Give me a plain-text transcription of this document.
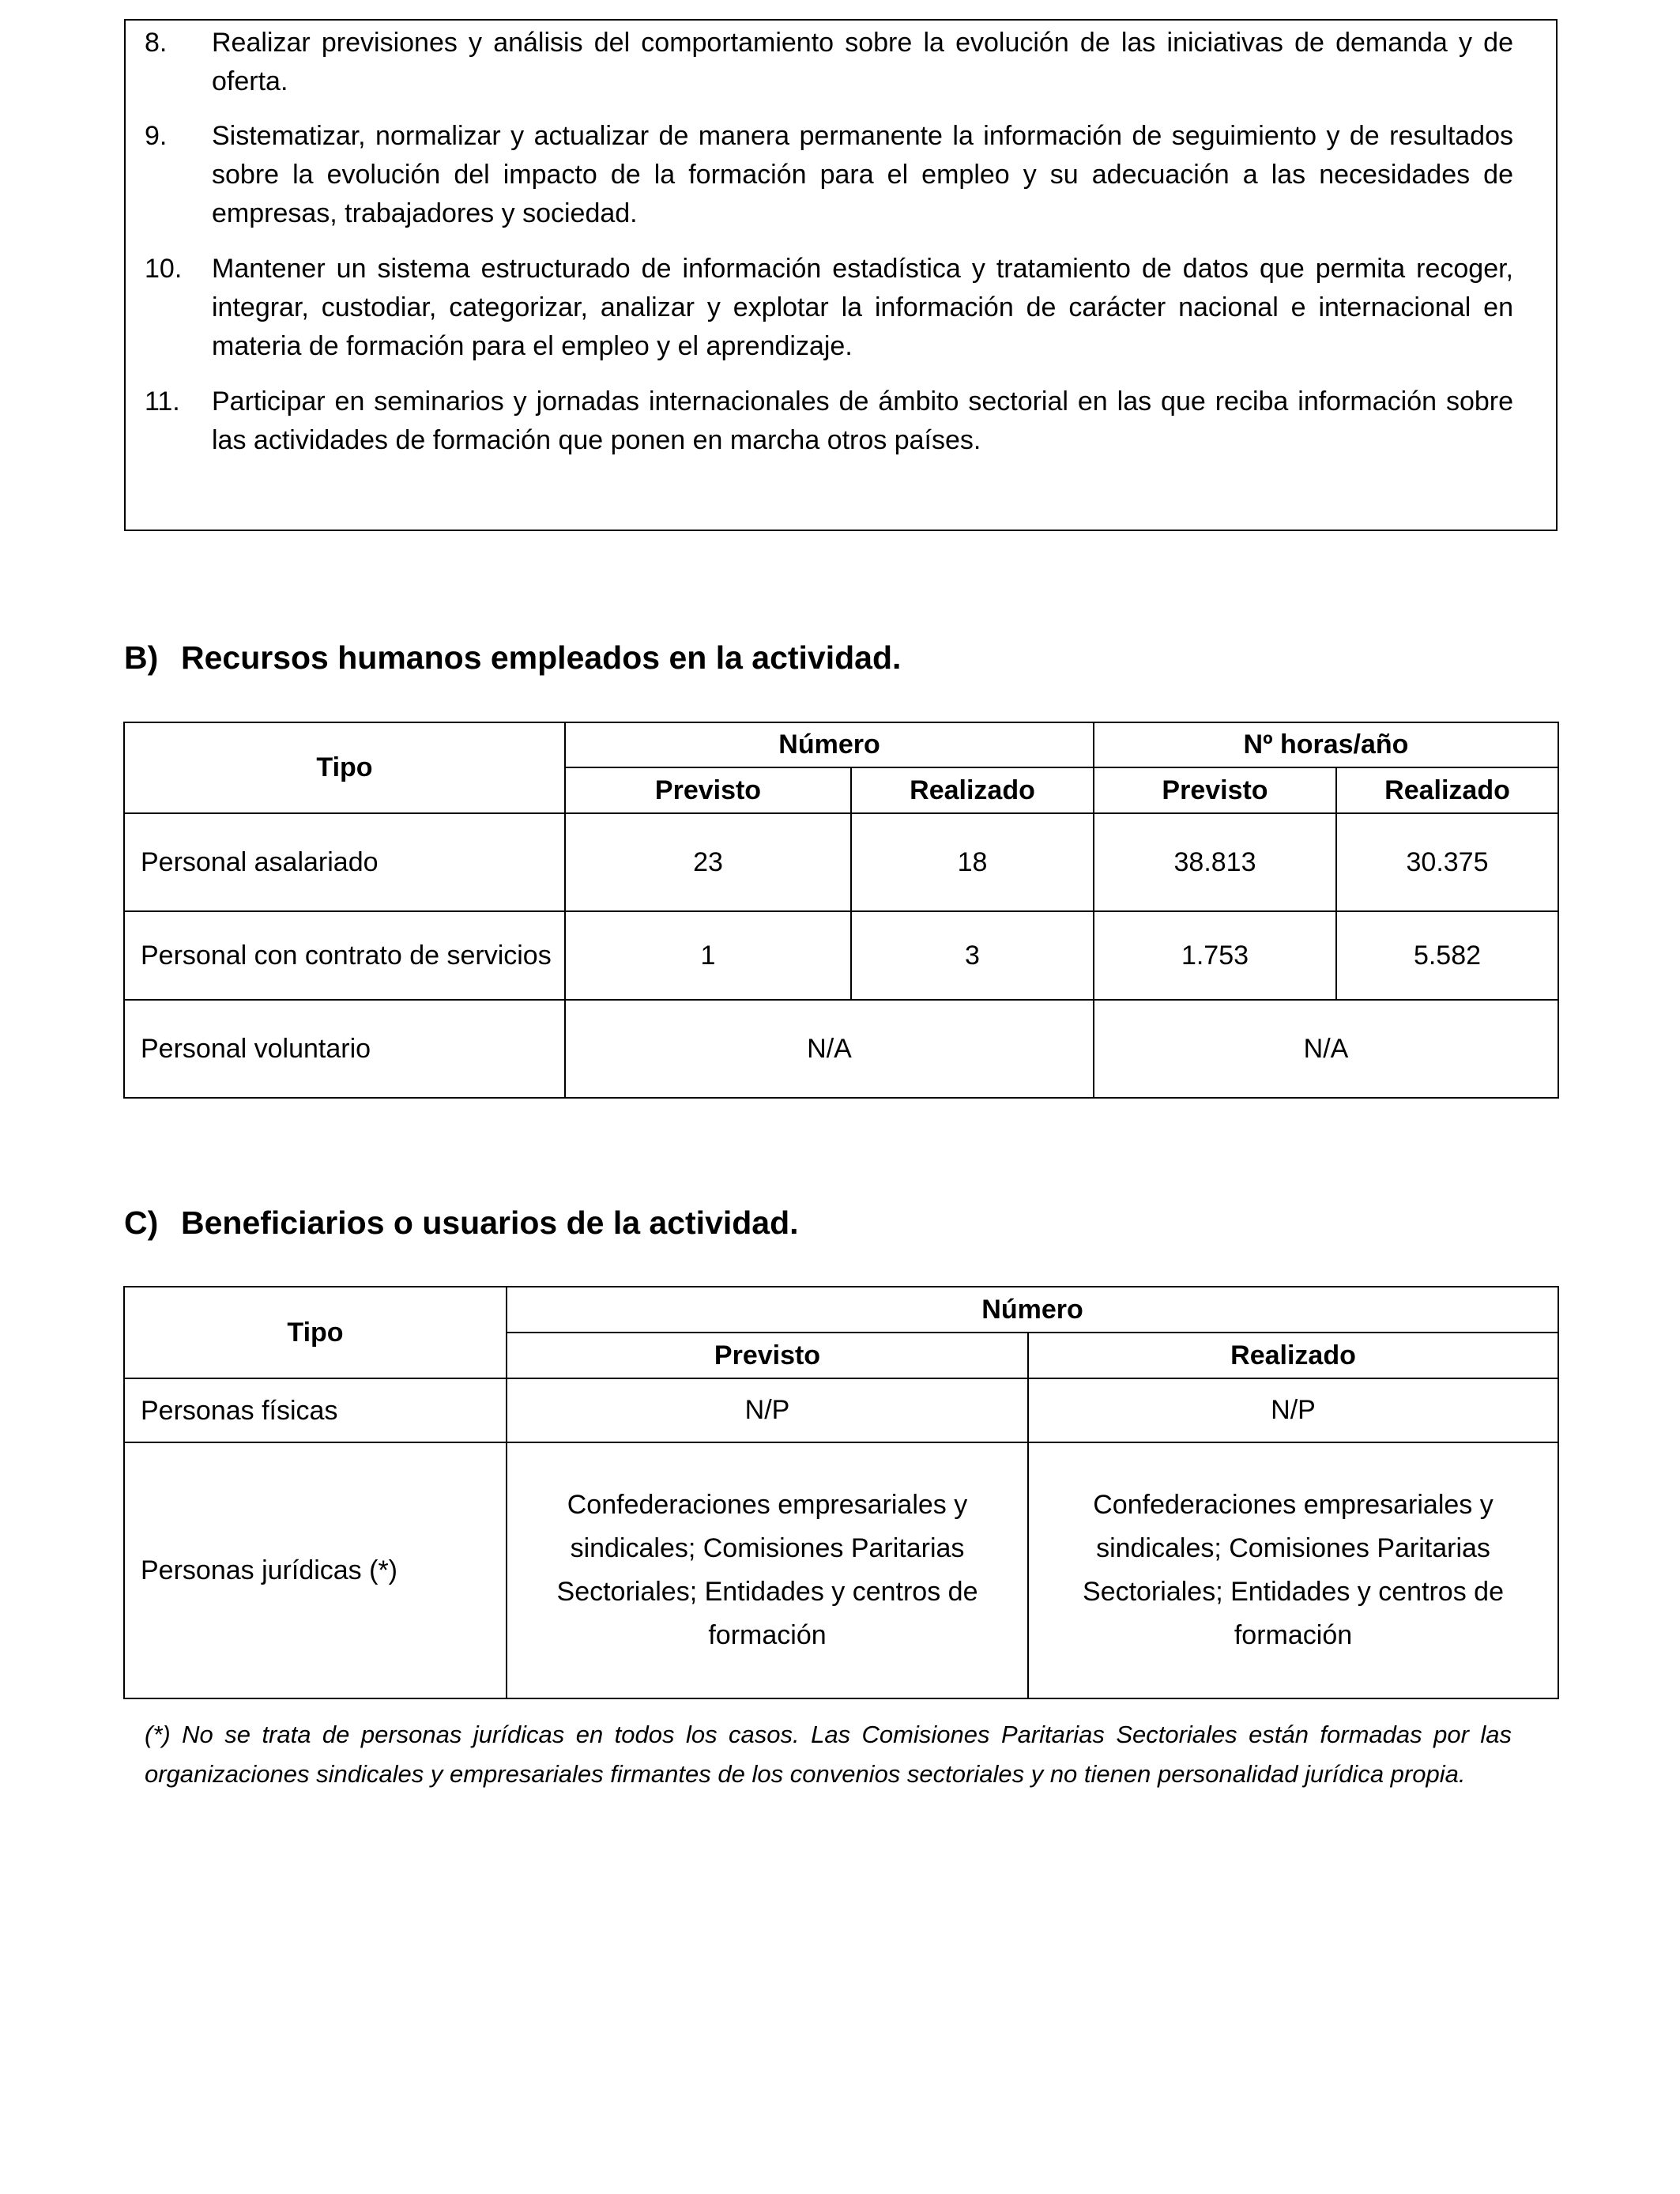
8. Realizar previsiones y análisis del comportamiento sobre la evolución de las iniciativas de demanda y de oferta.
9. Sistematizar, normalizar y actualizar de manera permanente la información de seguimiento y de resultados sobre la evolución del impacto de la formación para el empleo y su adecuación a las necesidades de empresas, trabajadores y sociedad.
10. Mantener un sistema estructurado de información estadística y tratamiento de datos que permita recoger, integrar, custodiar, categorizar, analizar y explotar la información de carácter nacional e internacional en materia de formación para el empleo y el aprendizaje.
11. Participar en seminarios y jornadas internacionales de ámbito sectorial en las que reciba información sobre las actividades de formación que ponen en marcha otros países.
B) Recursos humanos empleados en la actividad.
Tipo	Número		Nº horas/año	
	Previsto	Realizado	Previsto	Realizado
Personal asalariado	23	18	38.813	30.375
Personal con contrato de servicios	1	3	1.753	5.582
Personal voluntario	N/A		N/A	
C) Beneficiarios o usuarios de la actividad.
Tipo	Número	
	Previsto	Realizado
Personas físicas	N/P	N/P
Personas jurídicas (*)	Confederaciones empresariales y sindicales; Comisiones Paritarias Sectoriales; Entidades y centros de formación	Confederaciones empresariales y sindicales; Comisiones Paritarias Sectoriales; Entidades y centros de formación
(*) No se trata de personas jurídicas en todos los casos. Las Comisiones Paritarias Sectoriales están formadas por las organizaciones sindicales y empresariales firmantes de los convenios sectoriales y no tienen personalidad jurídica propia.
